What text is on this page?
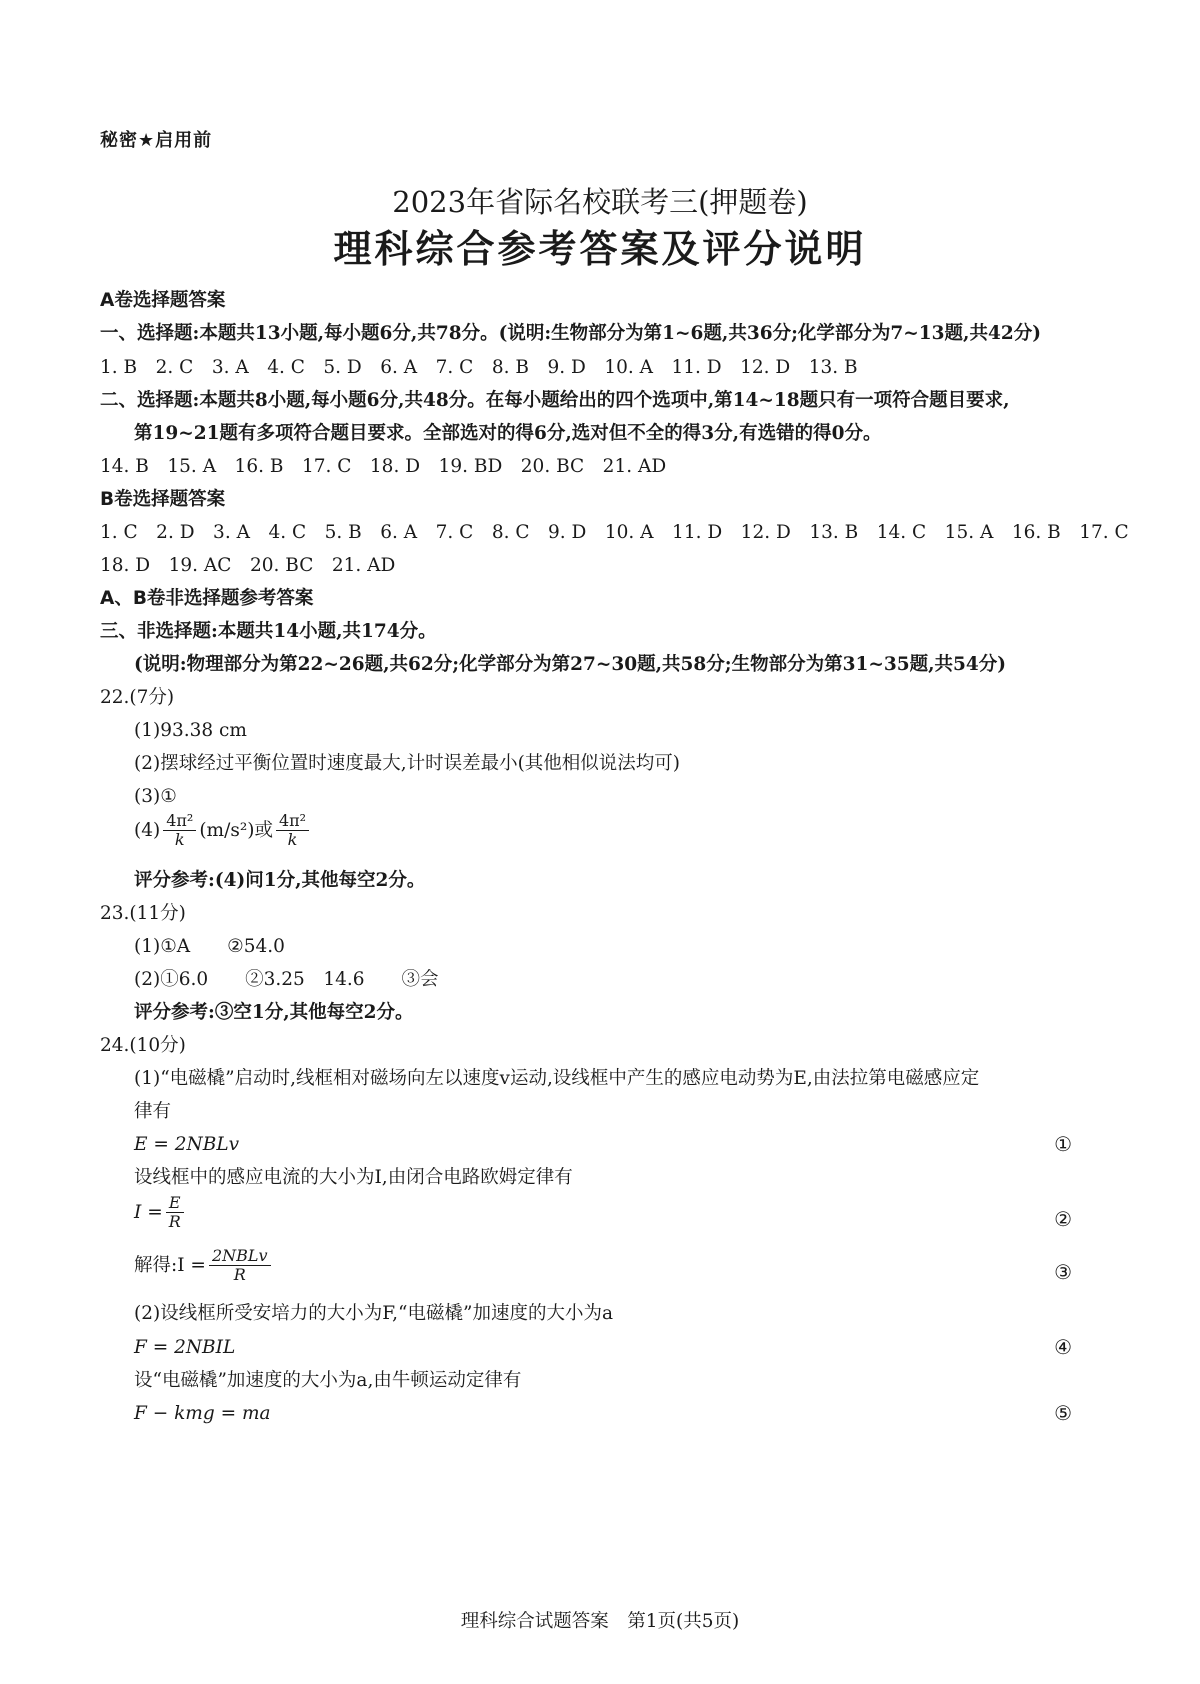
秘密★启用前
2023年省际名校联考三(押题卷)
理科综合参考答案及评分说明
A卷选择题答案
一、选择题:本题共13小题,每小题6分,共78分。(说明:生物部分为第1~6题,共36分;化学部分为7~13题,共42分)
1. B　2. C　3. A　4. C　5. D　6. A　7. C　8. B　9. D　10. A　11. D　12. D　13. B
二、选择题:本题共8小题,每小题6分,共48分。在每小题给出的四个选项中,第14~18题只有一项符合题目要求,
第19~21题有多项符合题目要求。全部选对的得6分,选对但不全的得3分,有选错的得0分。
14. B　15. A　16. B　17. C　18. D　19. BD　20. BC　21. AD
B卷选择题答案
1. C　2. D　3. A　4. C　5. B　6. A　7. C　8. C　9. D　10. A　11. D　12. D　13. B　14. C　15. A　16. B　17. C
18. D　19. AC　20. BC　21. AD
A、B卷非选择题参考答案
三、非选择题:本题共14小题,共174分。
(说明:物理部分为第22~26题,共62分;化学部分为第27~30题,共58分;生物部分为第31~35题,共54分)
22.(7分)
(1)93.38 cm
(2)摆球经过平衡位置时速度最大,计时误差最小(其他相似说法均可)
(3)①
$(4) \frac{\text{4π²}}{k} (m/s^2)$或 $\frac{\text{4π²}}{k}$
评分参考:(4)问1分,其他每空2分。
23.(11分)
(1)①A　　②54.0
(2)①6.0　　②3.25　14.6　　③会
评分参考:③空1分,其他每空2分。
24.(10分)
(1)“电磁橇”启动时,线框相对磁场向左以速度v运动,设线框中产生的感应电动势为E,由法拉第电磁感应定
律有
E = 2NBLv	①
设线框中的感应电流的大小为I,由闭合电路欧姆定律有
$I = \frac{E}{R}$	②
解得:I = $\frac{\text{2NBLv}}{R}$	③
(2)设线框所受安培力的大小为F,“电磁橇”加速度的大小为a
F = 2NBIL	④
设“电磁橇”加速度的大小为a,由牛顿运动定律有
F − kmg = ma	⑤
理科综合试题答案　第1页(共5页)
